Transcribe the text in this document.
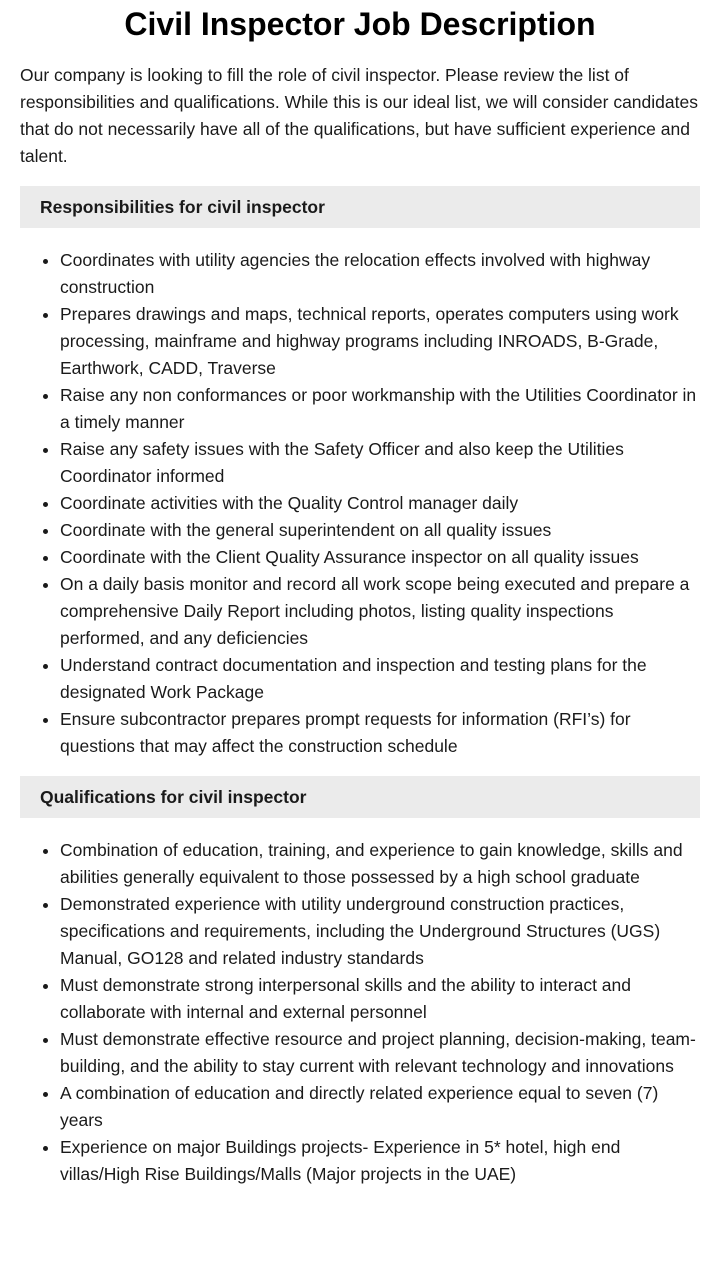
Civil Inspector Job Description

Our company is looking to fill the role of civil inspector. Please review the list of responsibilities and qualifications. While this is our ideal list, we will consider candidates that do not necessarily have all of the qualifications, but have sufficient experience and talent.

Responsibilities for civil inspector
• Coordinates with utility agencies the relocation effects involved with highway construction
• Prepares drawings and maps, technical reports, operates computers using work processing, mainframe and highway programs including INROADS, B-Grade, Earthwork, CADD, Traverse
• Raise any non conformances or poor workmanship with the Utilities Coordinator in a timely manner
• Raise any safety issues with the Safety Officer and also keep the Utilities Coordinator informed
• Coordinate activities with the Quality Control manager daily
• Coordinate with the general superintendent on all quality issues
• Coordinate with the Client Quality Assurance inspector on all quality issues
• On a daily basis monitor and record all work scope being executed and prepare a comprehensive Daily Report including photos, listing quality inspections performed, and any deficiencies
• Understand contract documentation and inspection and testing plans for the designated Work Package
• Ensure subcontractor prepares prompt requests for information (RFI’s) for questions that may affect the construction schedule
Qualifications for civil inspector
• Combination of education, training, and experience to gain knowledge, skills and abilities generally equivalent to those possessed by a high school graduate
• Demonstrated experience with utility underground construction practices, specifications and requirements, including the Underground Structures (UGS) Manual, GO128 and related industry standards
• Must demonstrate strong interpersonal skills and the ability to interact and collaborate with internal and external personnel
• Must demonstrate effective resource and project planning, decision-making, team-building, and the ability to stay current with relevant technology and innovations
• A combination of education and directly related experience equal to seven (7) years
• Experience on major Buildings projects- Experience in 5* hotel, high end villas/High Rise Buildings/Malls (Major projects in the UAE)
